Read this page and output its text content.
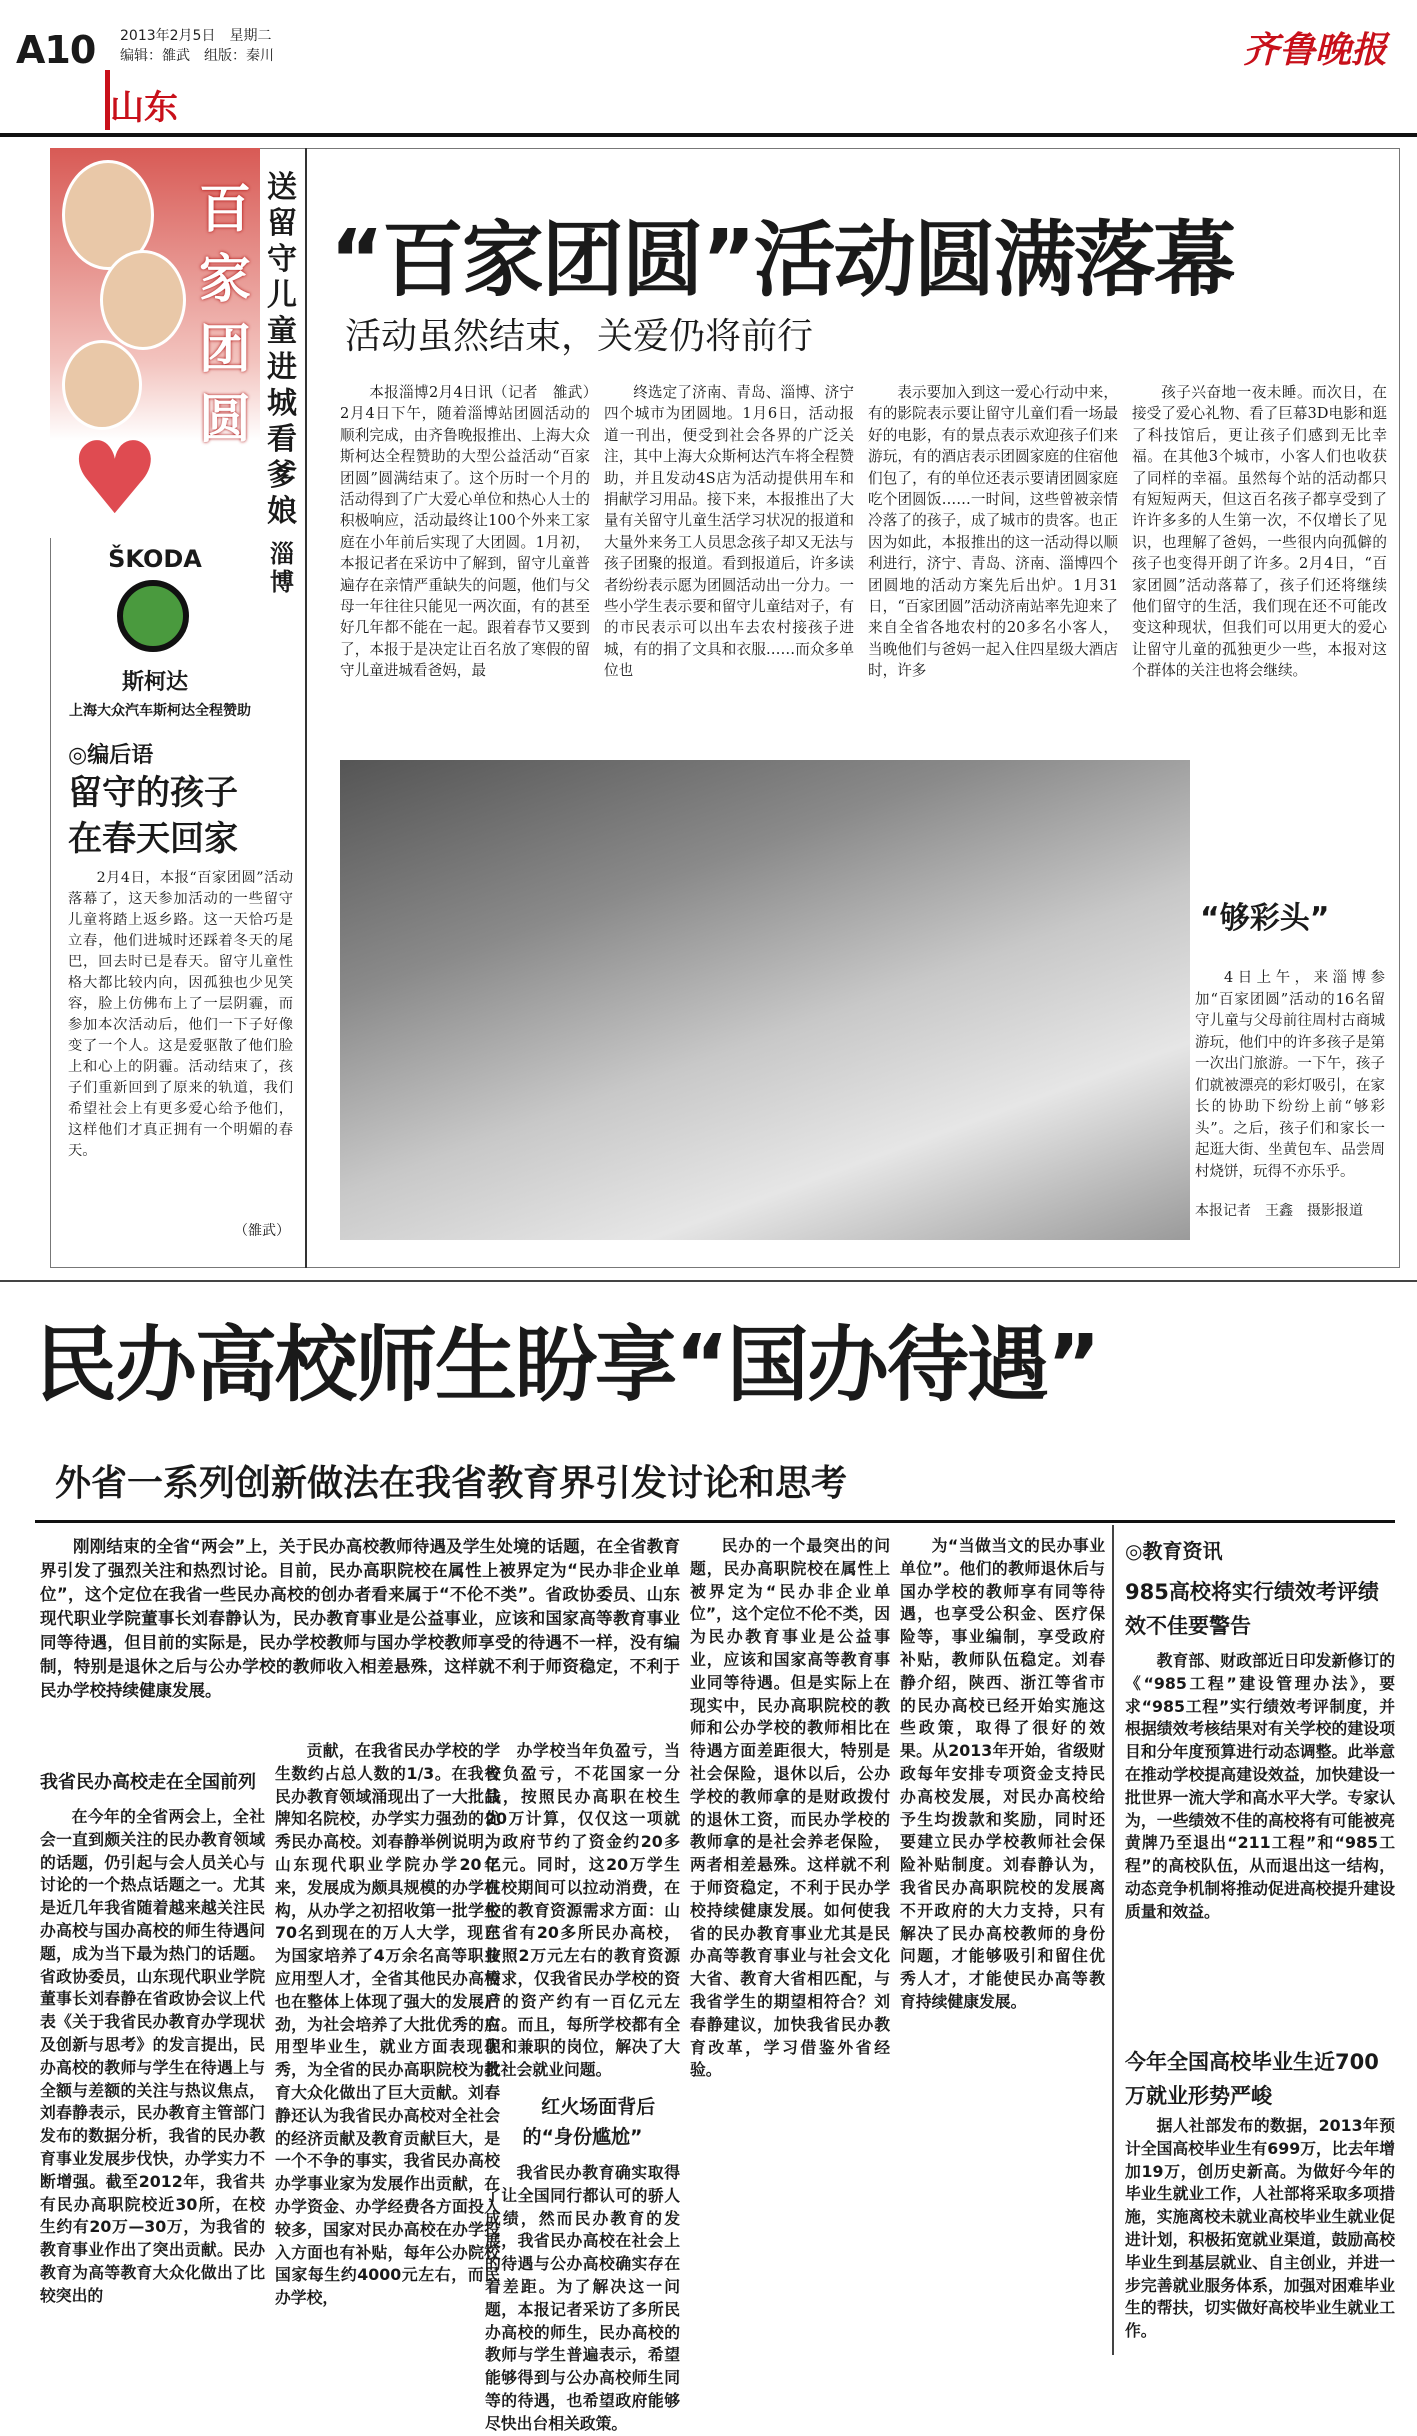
A10 2013年2月5日　星期二
编辑：雒武　组版：秦川
山东
齐鲁晚报
百家团圆
♥
ŠKODA
斯柯达
上海大众汽车斯柯达全程赞助
送留守儿童进城看爹娘
淄博
◎编后语
留守的孩子在春天回家
2月4日，本报“百家团圆”活动落幕了，这天参加活动的一些留守儿童将踏上返乡路。这一天恰巧是立春，他们进城时还踩着冬天的尾巴，回去时已是春天。留守儿童性格大都比较内向，因孤独也少见笑容，脸上仿佛布上了一层阴霾，而参加本次活动后，他们一下子好像变了一个人。这是爱驱散了他们脸上和心上的阴霾。活动结束了，孩子们重新回到了原来的轨道，我们希望社会上有更多爱心给予他们，这样他们才真正拥有一个明媚的春天。
（雒武）
“百家团圆”活动圆满落幕
活动虽然结束，关爱仍将前行
本报淄博2月4日讯（记者　雒武）2月4日下午，随着淄博站团圆活动的顺利完成，由齐鲁晚报推出、上海大众斯柯达全程赞助的大型公益活动“百家团圆”圆满结束了。这个历时一个月的活动得到了广大爱心单位和热心人士的积极响应，活动最终让100个外来工家庭在小年前后实现了大团圆。1月初，本报记者在采访中了解到，留守儿童普遍存在亲情严重缺失的问题，他们与父母一年往往只能见一两次面，有的甚至好几年都不能在一起。跟着春节又要到了，本报于是决定让百名放了寒假的留守儿童进城看爸妈，最
终选定了济南、青岛、淄博、济宁四个城市为团圆地。1月6日，活动报道一刊出，便受到社会各界的广泛关注，其中上海大众斯柯达汽车将全程赞助，并且发动4S店为活动提供用车和捐献学习用品。接下来，本报推出了大量有关留守儿童生活学习状况的报道和大量外来务工人员思念孩子却又无法与孩子团聚的报道。看到报道后，许多读者纷纷表示愿为团圆活动出一分力。一些小学生表示要和留守儿童结对子，有的市民表示可以出车去农村接孩子进城，有的捐了文具和衣服……而众多单位也
表示要加入到这一爱心行动中来，有的影院表示要让留守儿童们看一场最好的电影，有的景点表示欢迎孩子们来游玩，有的酒店表示团圆家庭的住宿他们包了，有的单位还表示要请团圆家庭吃个团圆饭……一时间，这些曾被亲情冷落了的孩子，成了城市的贵客。也正因为如此，本报推出的这一活动得以顺利进行，济宁、青岛、济南、淄博四个团圆地的活动方案先后出炉。1月31日，“百家团圆”活动济南站率先迎来了来自全省各地农村的20多名小客人，当晚他们与爸妈一起入住四星级大酒店时，许多
孩子兴奋地一夜未睡。而次日，在接受了爱心礼物、看了巨幕3D电影和逛了科技馆后，更让孩子们感到无比幸福。在其他3个城市，小客人们也收获了同样的幸福。虽然每个站的活动都只有短短两天，但这百名孩子都享受到了许许多多的人生第一次，不仅增长了见识，也理解了爸妈，一些很内向孤僻的孩子也变得开朗了许多。2月4日，“百家团圆”活动落幕了，孩子们还将继续他们留守的生活，我们现在还不可能改变这种现状，但我们可以用更大的爱心让留守儿童的孤独更少一些，本报对这个群体的关注也将会继续。
“够彩头”
4日上午，来淄博参加“百家团圆”活动的16名留守儿童与父母前往周村古商城游玩，他们中的许多孩子是第一次出门旅游。一下午，孩子们就被漂亮的彩灯吸引，在家长的协助下纷纷上前“够彩头”。之后，孩子们和家长一起逛大街、坐黄包车、品尝周村烧饼，玩得不亦乐乎。
本报记者　王鑫　摄影报道
民办高校师生盼享“国办待遇”
外省一系列创新做法在我省教育界引发讨论和思考
刚刚结束的全省“两会”上，关于民办高校教师待遇及学生处境的话题，在全省教育界引发了强烈关注和热烈讨论。目前，民办高职院校在属性上被界定为“民办非企业单位”，这个定位在我省一些民办高校的创办者看来属于“不伦不类”。省政协委员、山东现代职业学院董事长刘春静认为，民办教育事业是公益事业，应该和国家高等教育事业同等待遇，但目前的实际是，民办学校教师与国办学校教师享受的待遇不一样，没有编制，特别是退休之后与公办学校的教师收入相差悬殊，这样就不利于师资稳定，不利于民办学校持续健康发展。
我省民办高校走在全国前列
在今年的全省两会上，全社会一直到颇关注的民办教育领域的话题，仍引起与会人员关心与讨论的一个热点话题之一。尤其是近几年我省随着越来越关注民办高校与国办高校的师生待遇问题，成为当下最为热门的话题。省政协委员，山东现代职业学院董事长刘春静在省政协会议上代表《关于我省民办教育办学现状及创新与思考》的发言提出，民办高校的教师与学生在待遇上与全额与差额的关注与热议焦点，刘春静表示，民办教育主管部门发布的数据分析，我省的民办教育事业发展步伐快，办学实力不断增强。截至2012年，我省共有民办高职院校近30所，在校生约有20万—30万，为我省的教育事业作出了突出贡献。民办教育为高等教育大众化做出了比较突出的
贡献，在我省民办学校的学生数约占总人数的1/3。在我省民办教育领域涌现出了一大批品牌知名院校，办学实力强劲的优秀民办高校。刘春静举例说明，山东现代职业学院办学20年来，发展成为颇具规模的办学机构，从办学之初招收第一批学生70名到现在的万人大学，现已为国家培养了4万余名高等职业应用型人才，全省其他民办高校也在整体上体现了强大的发展后劲，为社会培养了大批优秀的应用型毕业生，就业方面表现优秀，为全省的民办高职院校为教育大众化做出了巨大贡献。刘春静还认为我省民办高校对全社会的经济贡献及教育贡献巨大，是一个不争的事实，我省民办高校办学事业家为发展作出贡献，在办学资金、办学经费各方面投入较多，国家对民办高校在办学投入方面也有补贴，每年公办院校国家每生约4000元左右，而民办学校，
办学校当年负盈亏，当校负盈亏，不花国家一分钱，按照民办高职在校生20万计算，仅仅这一项就为政府节约了资金约20多亿元。同时，这20万学生在校期间可以拉动消费，在校的教育资源需求方面：山东省有20多所民办高校，按照2万元左右的教育资源需求，仅我省民办学校的资产的资产约有一百亿元左右。而且，每所学校都有全职和兼职的岗位，解决了大批社会就业问题。
红火场面背后的“身份尴尬”
我省民办教育确实取得了让全国同行都认可的骄人成绩，然而民办教育的发展，我省民办高校在社会上的待遇与公办高校确实存在着差距。为了解决这一问题，本报记者采访了多所民办高校的师生，民办高校的教师与学生普遍表示，希望能够得到与公办高校师生同等的待遇，也希望政府能够尽快出台相关政策。
民办的一个最突出的问题，民办高职院校在属性上被界定为“民办非企业单位”，这个定位不伦不类，因为民办教育事业是公益事业，应该和国家高等教育事业同等待遇。但是实际上在现实中，民办高职院校的教师和公办学校的教师相比在待遇方面差距很大，特别是社会保险，退休以后，公办学校的教师拿的是财政拨付的退休工资，而民办学校的教师拿的是社会养老保险，两者相差悬殊。这样就不利于师资稳定，不利于民办学校持续健康发展。如何使我省的民办教育事业尤其是民办高等教育事业与社会文化大省、教育大省相匹配，与我省学生的期望相符合？刘春静建议，加快我省民办教育改革，学习借鉴外省经验。
为“当做当文的民办事业单位”。他们的教师退休后与国办学校的教师享有同等待遇，也享受公积金、医疗保险等，事业编制，享受政府补贴，教师队伍稳定。刘春静介绍，陕西、浙江等省市的民办高校已经开始实施这些政策，取得了很好的效果。从2013年开始，省级财政每年安排专项资金支持民办高校发展，对民办高校给予生均拨款和奖励，同时还要建立民办学校教师社会保险补贴制度。刘春静认为，我省民办高职院校的发展离不开政府的大力支持，只有解决了民办高校教师的身份问题，才能够吸引和留住优秀人才，才能使民办高等教育持续健康发展。
◎教育资讯
985高校将实行绩效考评绩效不佳要警告
教育部、财政部近日印发新修订的《“985工程”建设管理办法》，要求“985工程”实行绩效考评制度，并根据绩效考核结果对有关学校的建设项目和分年度预算进行动态调整。此举意在推动学校提高建设效益，加快建设一批世界一流大学和高水平大学。专家认为，一些绩效不佳的高校将有可能被亮黄牌乃至退出“211工程”和“985工程”的高校队伍，从而退出这一结构，动态竞争机制将推动促进高校提升建设质量和效益。
今年全国高校毕业生近700万就业形势严峻
据人社部发布的数据，2013年预计全国高校毕业生有699万，比去年增加19万，创历史新高。为做好今年的毕业生就业工作，人社部将采取多项措施，实施离校未就业高校毕业生就业促进计划，积极拓宽就业渠道，鼓励高校毕业生到基层就业、自主创业，并进一步完善就业服务体系，加强对困难毕业生的帮扶，切实做好高校毕业生就业工作。
